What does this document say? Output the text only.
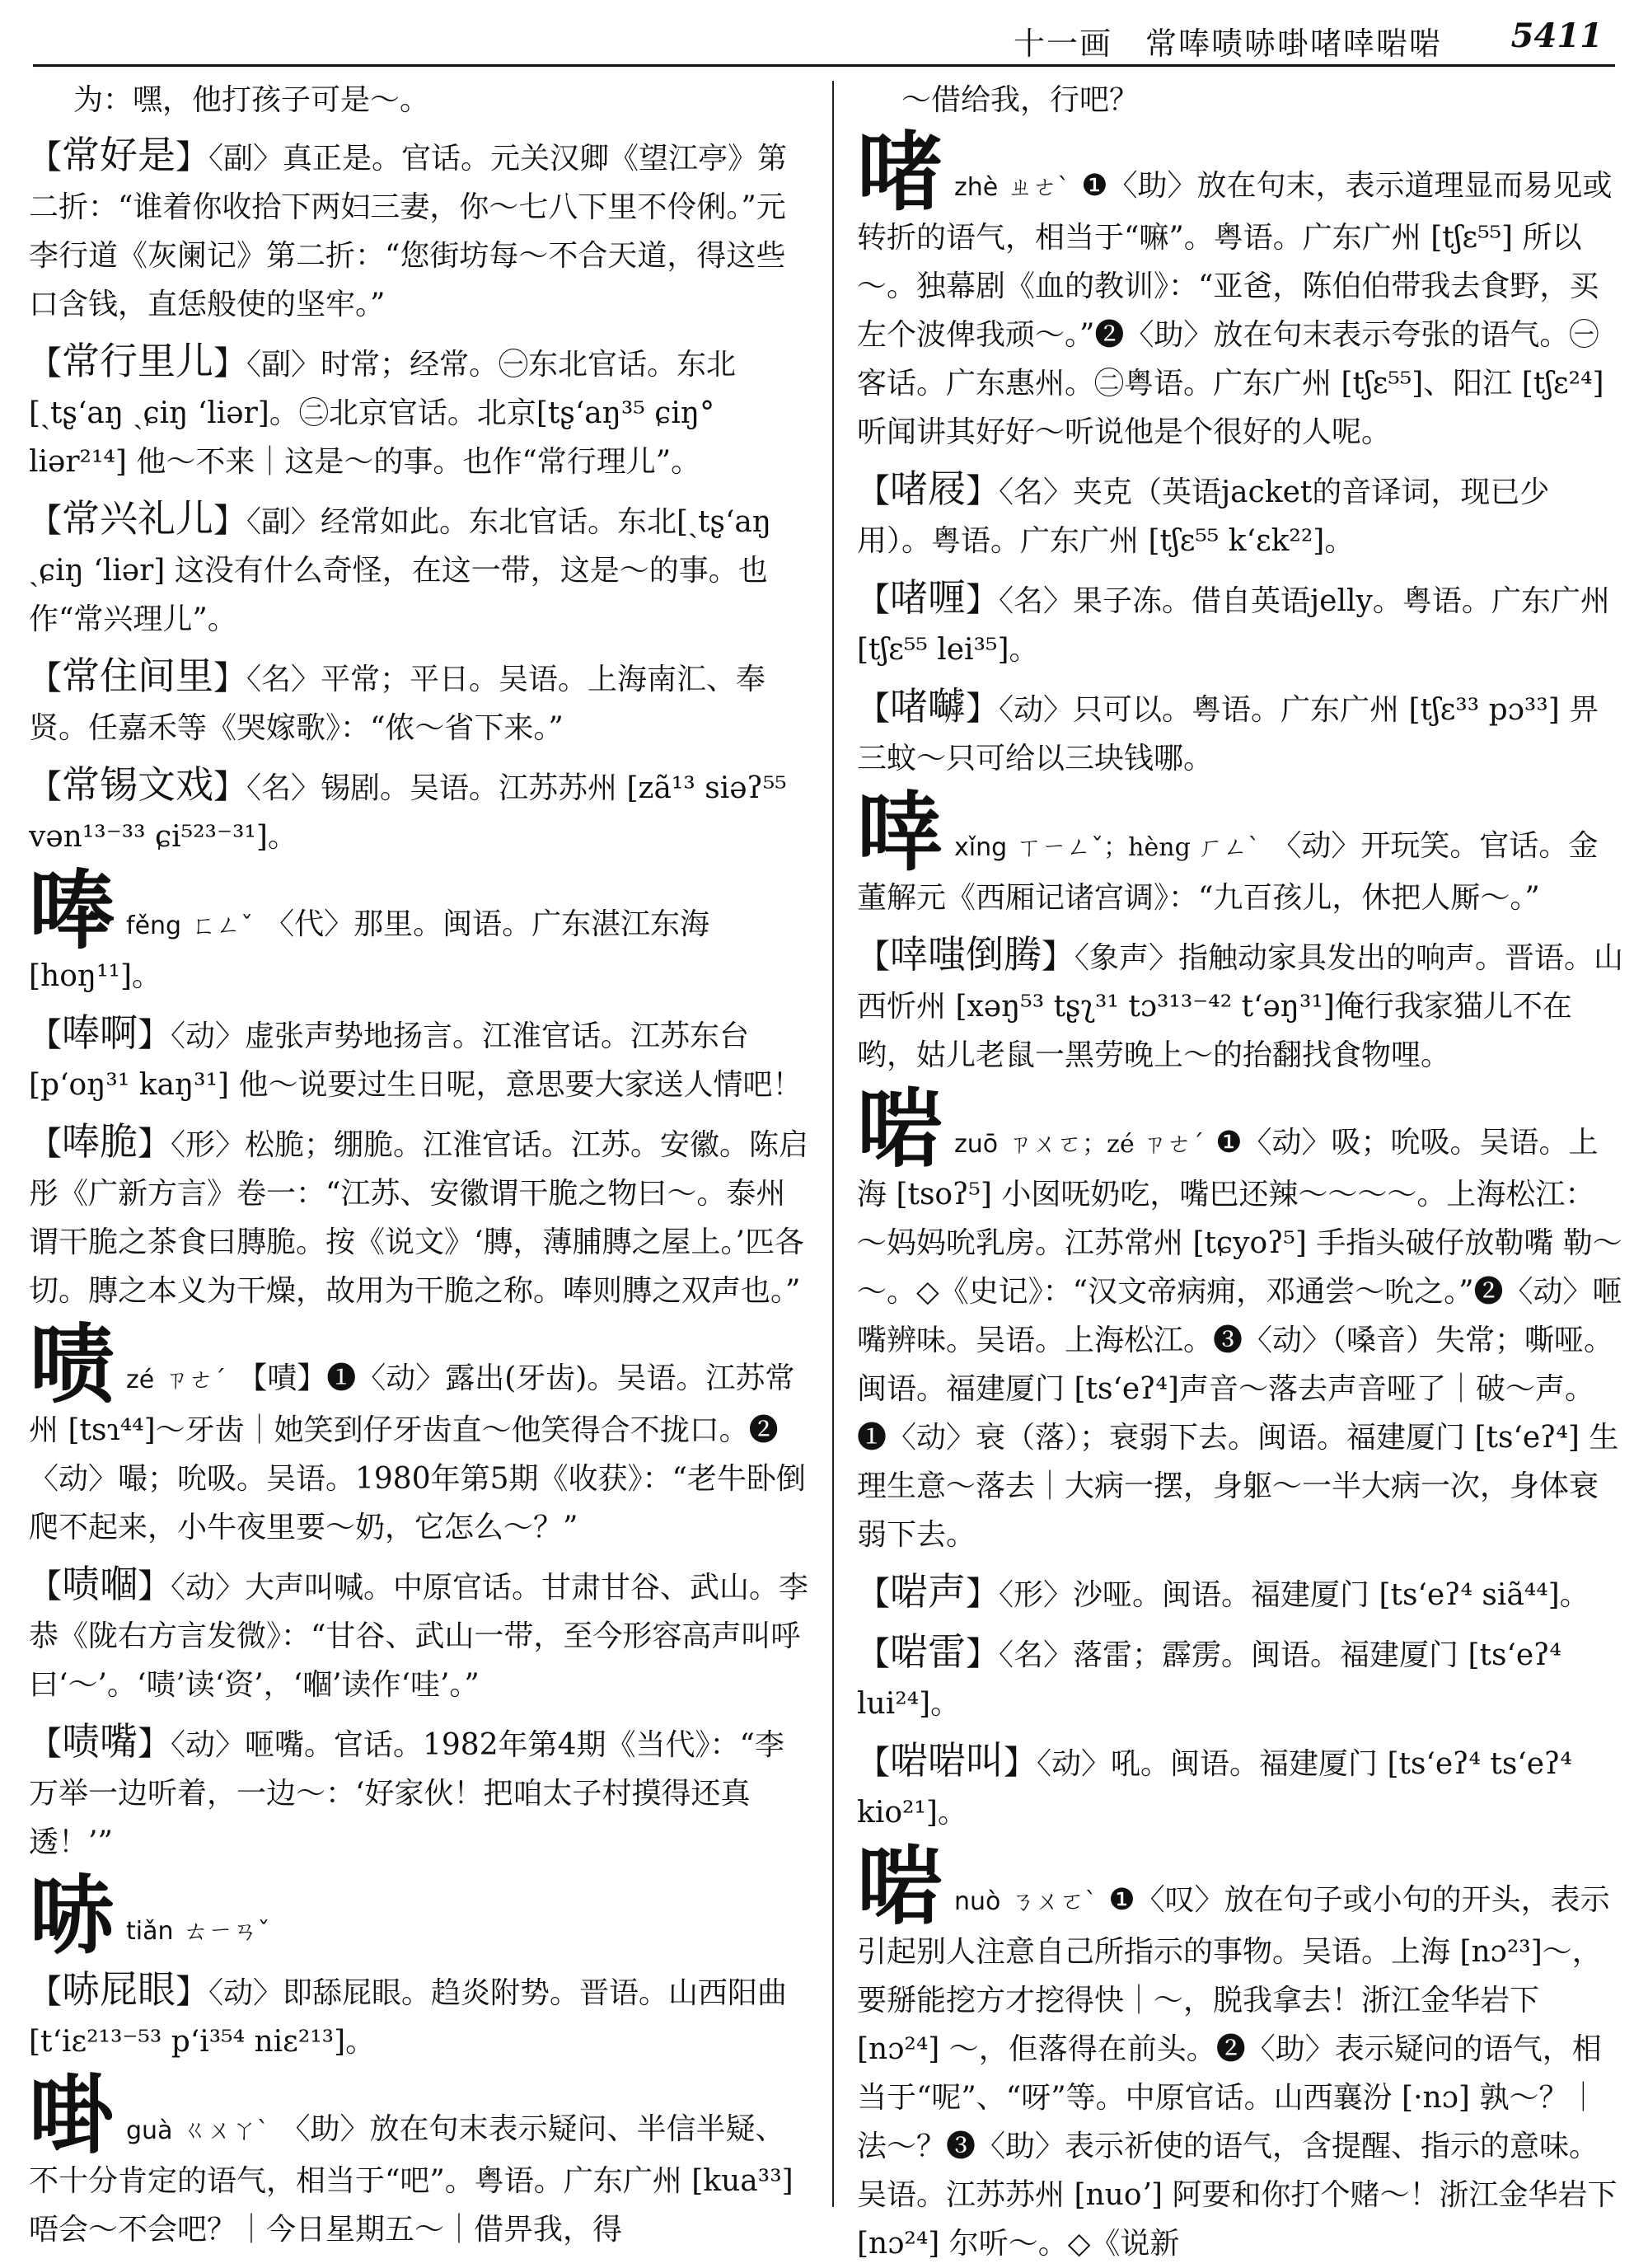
十一画　常唪啧哧啩啫啈啱啱 5411
为：嘿，他打孩子可是～。
【常好是】〈副〉真正是。官话。元关汉卿《望江亭》第二折：“谁着你收拾下两妇三妻，你～七八下里不伶俐。”元李行道《灰阑记》第二折：“您街坊每～不合天道，得这些口含钱，直恁般使的坚牢。”
【常行里儿】〈副〉时常；经常。㊀东北官话。东北[ˏtʂʻaŋ ˏɕiŋ ʻliər]。㊁北京官话。北京[tʂʻaŋ³⁵ ɕiŋ° liər²¹⁴] 他～不来｜这是～的事。也作“常行理儿”。
【常兴礼儿】〈副〉经常如此。东北官话。东北[ˏtʂʻaŋ ˏɕiŋ ʻliər] 这没有什么奇怪，在这一带，这是～的事。也作“常兴理儿”。
【常住间里】〈名〉平常；平日。吴语。上海南汇、奉贤。任嘉禾等《哭嫁歌》：“侬～省下来。”
【常锡文戏】〈名〉锡剧。吴语。江苏苏州 [zã¹³ siəʔ⁵⁵ vən¹³⁻³³ ɕi⁵²³⁻³¹]。
唪fěng ㄈㄥˇ 〈代〉那里。闽语。广东湛江东海[hoŋ¹¹]。
【唪啊】〈动〉虚张声势地扬言。江淮官话。江苏东台[pʻoŋ³¹ kaŋ³¹] 他～说要过生日呢，意思要大家送人情吧！
【唪脆】〈形〉松脆；绷脆。江淮官话。江苏。安徽。陈启彤《广新方言》卷一：“江苏、安徽谓干脆之物曰～。泰州谓干脆之茶食曰膞脆。按《说文》‘膞，薄脯膞之屋上。’匹各切。膞之本义为干燥，故用为干脆之称。唪则膞之双声也。”
啧zé ㄗㄜˊ 【嘖】❶〈动〉露出(牙齿)。吴语。江苏常州 [tsɿ⁴⁴]～牙齿｜她笑到仔牙齿直～他笑得合不拢口。❷〈动〉嘬；吮吸。吴语。1980年第5期《收获》：“老牛卧倒爬不起来，小牛夜里要～奶，它怎么～？”
【啧嗰】〈动〉大声叫喊。中原官话。甘肃甘谷、武山。李恭《陇右方言发微》：“甘谷、武山一带，至今形容高声叫呼曰‘～’。‘啧’读‘资’，‘嗰’读作‘哇’。”
【啧嘴】〈动〉咂嘴。官话。1982年第4期《当代》：“李万举一边听着，一边～：‘好家伙！把咱太子村摸得还真透！’”
哧tiǎn ㄊㄧㄢˇ
【哧屁眼】〈动〉即舔屁眼。趋炎附势。晋语。山西阳曲 [tʻiɛ²¹³⁻⁵³ pʻi³⁵⁴ niɛ²¹³]。
啩guà ㄍㄨㄚˋ 〈助〉放在句末表示疑问、半信半疑、不十分肯定的语气，相当于“吧”。粤语。广东广州 [kua³³] 唔会～不会吧？｜今日星期五～｜借畀我，得
～借给我，行吧？
啫zhè ㄓㄜˋ ❶〈助〉放在句末，表示道理显而易见或转折的语气，相当于“嘛”。粤语。广东广州 [tʃɛ⁵⁵] 所以～。独幕剧《血的教训》：“亚爸，陈伯伯带我去食野，买左个波俾我顽～。”❷〈助〉放在句末表示夸张的语气。㊀客话。广东惠州。㊁粤语。广东广州 [tʃɛ⁵⁵]、阳江 [tʃɛ²⁴] 听闻讲其好好～听说他是个很好的人呢。
【啫屐】〈名〉夹克（英语jacket的音译词，现已少用）。粤语。广东广州 [tʃɛ⁵⁵ kʻɛk²²]。
【啫喱】〈名〉果子冻。借自英语jelly。粤语。广东广州 [tʃɛ⁵⁵ lei³⁵]。
【啫嚹】〈动〉只可以。粤语。广东广州 [tʃɛ³³ pɔ³³] 畀三蚊～只可给以三块钱哪。
啈xǐng ㄒㄧㄥˇ；hèng ㄏㄥˋ 〈动〉开玩笑。官话。金董解元《西厢记诸宫调》：“九百孩儿，休把人厮～。”
【啈嗤倒腾】〈象声〉指触动家具发出的响声。晋语。山西忻州 [xəŋ⁵³ tʂʅ³¹ tɔ³¹³⁻⁴² tʻəŋ³¹]俺行我家猫儿不在哟，姑儿老鼠一黑劳晚上～的抬翻找食物哩。
啱zuō ㄗㄨㄛ；zé ㄗㄜˊ ❶〈动〉吸；吮吸。吴语。上海 [tsoʔ⁵] 小囡呒奶吃，嘴巴还辣～～～～。上海松江：～妈妈吮乳房。江苏常州 [tɕyoʔ⁵] 手指头破仔放勒嘴 勒～～。◇《史记》：“汉文帝病痈，邓通尝～吮之。”❷〈动〉咂嘴辨味。吴语。上海松江。❸〈动〉（嗓音）失常；嘶哑。闽语。福建厦门 [tsʻeʔ⁴]声音～落去声音哑了｜破～声。❶〈动〉衰（落）；衰弱下去。闽语。福建厦门 [tsʻeʔ⁴] 生理生意～落去｜大病一摆，身躯～一半大病一次，身体衰弱下去。
【啱声】〈形〉沙哑。闽语。福建厦门 [tsʻeʔ⁴ siã⁴⁴]。
【啱雷】〈名〉落雷；霹雳。闽语。福建厦门 [tsʻeʔ⁴ lui²⁴]。
【啱啱叫】〈动〉吼。闽语。福建厦门 [tsʻeʔ⁴ tsʻeʔ⁴ kio²¹]。
啱nuò ㄋㄨㄛˋ ❶〈叹〉放在句子或小句的开头，表示引起别人注意自己所指示的事物。吴语。上海 [nɔ²³]～，要掰能挖方才挖得快｜～，脱我拿去！浙江金华岩下 [nɔ²⁴] ～，佢落得在前头。❷〈助〉表示疑问的语气，相当于“呢”、“呀”等。中原官话。山西襄汾 [·nɔ] 孰～？｜法～？❸〈助〉表示祈使的语气，含提醒、指示的意味。吴语。江苏苏州 [nuoʼ] 阿要和你打个赌～！浙江金华岩下 [nɔ²⁴] 尔听～。◇《说新
